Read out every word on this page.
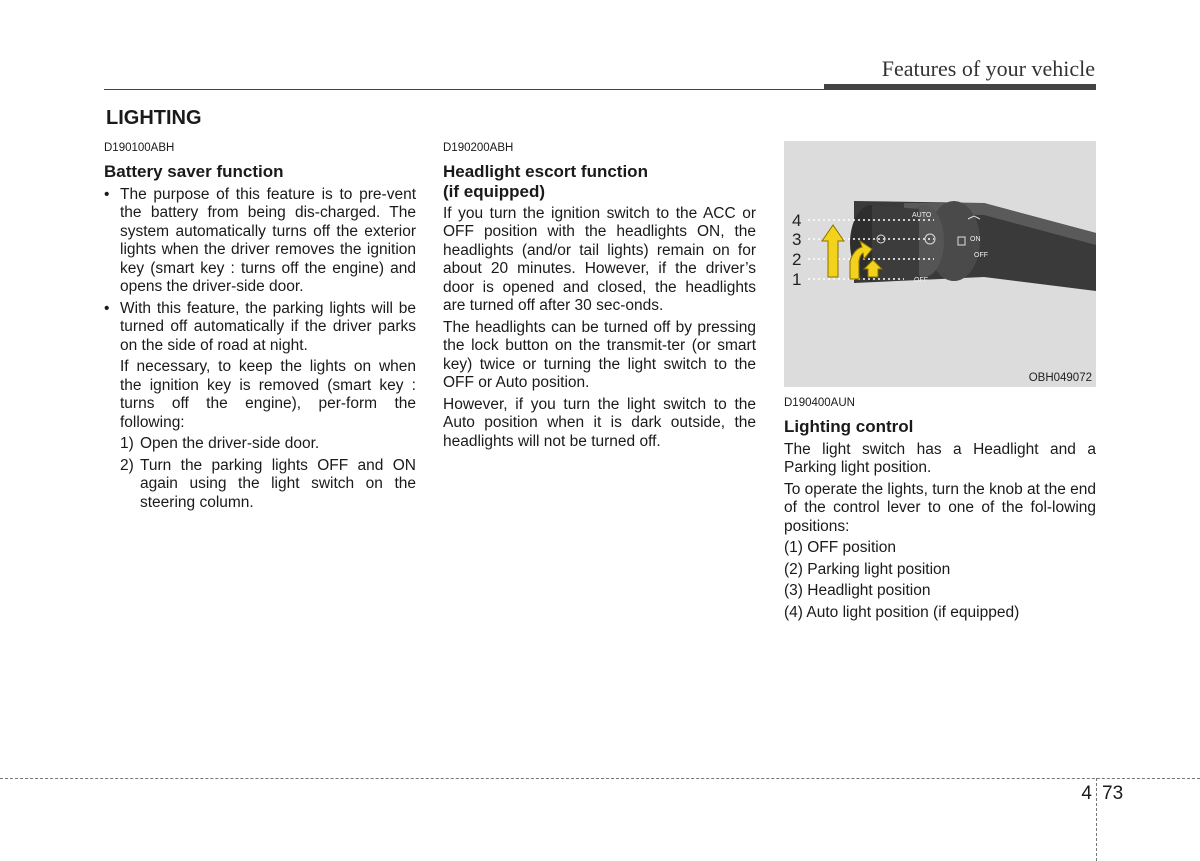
Features of your vehicle
LIGHTING
D190100ABH
Battery saver function
• The purpose of this feature is to pre-vent the battery from being dis-charged. The system automatically turns off the exterior lights when the driver removes the ignition key (smart key : turns off the engine) and opens the driver-side door.
• With this feature, the parking lights will be turned off automatically if the driver parks on the side of road at night.
If necessary, to keep the lights on when the ignition key is removed (smart key : turns off the engine), per-form the following:
1) Open the driver-side door.
2) Turn the parking lights OFF and ON again using the light switch on the steering column.
D190200ABH
Headlight escort function
(if equipped)
If you turn the ignition switch to the ACC or OFF position with the headlights ON, the headlights (and/or tail lights) remain on for about 20 minutes. However, if the driver’s door is opened and closed, the headlights are turned off after 30 sec-onds.
The headlights can be turned off by pressing the lock button on the transmit-ter (or smart key) twice or turning the light switch to the OFF or Auto position.
However, if you turn the light switch to the Auto position when it is dark outside, the headlights will not be turned off.
4
3
2
1
AUTO
OFF
ON
OFF
OBH049072
D190400AUN
Lighting control
The light switch has a Headlight and a Parking light position.
To operate the lights, turn the knob at the end of the control lever to one of the fol-lowing positions:
(1) OFF position
(2) Parking light position
(3) Headlight position
(4) Auto light position (if equipped)
4 73
